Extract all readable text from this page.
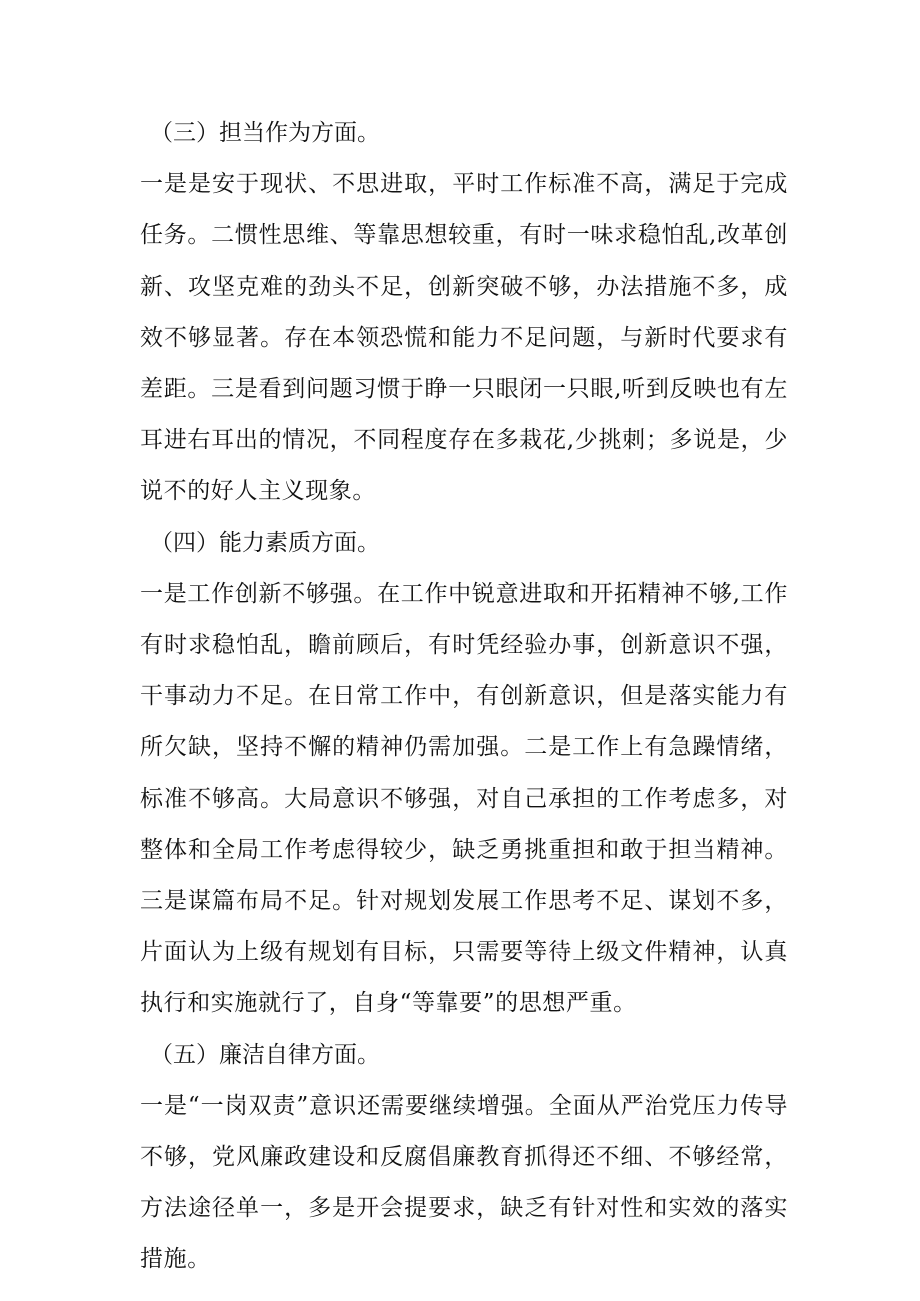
（三）担当作为方面。
一是是安于现状、不思进取，平时工作标准不高，满足于完成任务。二惯性思维、等靠思想较重，有时一味求稳怕乱,改革创新、攻坚克难的劲头不足，创新突破不够，办法措施不多，成效不够显著。存在本领恐慌和能力不足问题，与新时代要求有差距。三是看到问题习惯于睁一只眼闭一只眼,听到反映也有左耳进右耳出的情况，不同程度存在多栽花,少挑刺；多说是，少说不的好人主义现象。
（四）能力素质方面。
一是工作创新不够强。在工作中锐意进取和开拓精神不够,工作有时求稳怕乱，瞻前顾后，有时凭经验办事，创新意识不强，干事动力不足。在日常工作中，有创新意识，但是落实能力有所欠缺，坚持不懈的精神仍需加强。二是工作上有急躁情绪，标准不够高。大局意识不够强，对自己承担的工作考虑多，对整体和全局工作考虑得较少，缺乏勇挑重担和敢于担当精神。三是谋篇布局不足。针对规划发展工作思考不足、谋划不多，片面认为上级有规划有目标，只需要等待上级文件精神，认真执行和实施就行了，自身“等靠要”的思想严重。
（五）廉洁自律方面。
一是“一岗双责”意识还需要继续增强。全面从严治党压力传导不够，党风廉政建设和反腐倡廉教育抓得还不细、不够经常，方法途径单一，多是开会提要求，缺乏有针对性和实效的落实措施。
